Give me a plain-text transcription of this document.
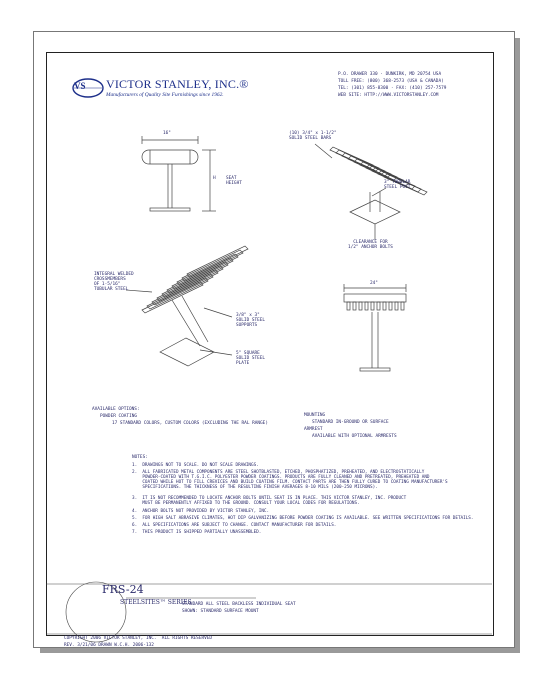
VS VICTOR STANLEY, INC.®
Manufacturers of Quality Site Furnishings since 1962.
P.O. DRAWER 330 · DUNKIRK, MD 20754 USA
TOLL FREE: (800) 368-2573 (USA & CANADA)
TEL: (301) 855-8300 · FAX: (410) 257-7579
WEB SITE: HTTP://WWW.VICTORSTANLEY.COM
16"
H SEAT
HEIGHT
(10) 3/4" x 1-1/2"
SOLID STEEL BARS
3" TUBULAR
STEEL POST
CLEARANCE FOR
1/2" ANCHOR BOLTS
INTEGRAL WELDED
CROSSMEMBERS
OF 1-5/16"
TUBULAR STEEL
3/8" x 3"
SOLID STEEL
SUPPORTS
5" SQUARE
SOLID STEEL
PLATE
24"
AVAILABLE OPTIONS:
POWDER COATING
17 STANDARD COLORS, CUSTOM COLORS (EXCLUDING THE RAL RANGE)
MOUNTING
STANDARD IN-GROUND OR SURFACE
ARMREST
AVAILABLE WITH OPTIONAL ARMRESTS
NOTES:
1.  DRAWINGS NOT TO SCALE. DO NOT SCALE DRAWINGS.
2.  ALL FABRICATED METAL COMPONENTS ARE STEEL SHOTBLASTED, ETCHED, PHOSPHATIZED, PREHEATED, AND ELECTROSTATICALLY
POWDER-COATED WITH T.G.I.C. POLYESTER POWDER COATINGS. PRODUCTS ARE FULLY CLEANED AND PRETREATED, PREHEATED AND
COATED WHILE HOT TO FILL CREVICES AND BUILD COATING FILM. CONTACT PARTS ARE THEN FULLY CURED TO COATING MANUFACTURER'S
SPECIFICATIONS. THE THICKNESS OF THE RESULTING FINISH AVERAGES 8-10 MILS (200-250 MICRONS).
3.  IT IS NOT RECOMMENDED TO LOCATE ANCHOR BOLTS UNTIL SEAT IS IN PLACE. THIS VICTOR STANLEY, INC. PRODUCT
MUST BE PERMANENTLY AFFIXED TO THE GROUND. CONSULT YOUR LOCAL CODES FOR REGULATIONS.
4.  ANCHOR BOLTS NOT PROVIDED BY VICTOR STANLEY, INC.
5.  FOR HIGH SALT ABRASIVE CLIMATES, HOT DIP GALVANIZING BEFORE POWDER COATING IS AVAILABLE. SEE WRITTEN SPECIFICATIONS FOR DETAILS.
6.  ALL SPECIFICATIONS ARE SUBJECT TO CHANGE. CONTACT MANUFACTURER FOR DETAILS.
7.  THIS PRODUCT IS SHIPPED PARTIALLY UNASSEMBLED.
FRS-24
STEELSITES™ SERIES
STANDARD ALL STEEL BACKLESS INDIVIDUAL SEAT
SHOWN: STANDARD SURFACE MOUNT
COPYRIGHT 2006 VICTOR STANLEY, INC.  ALL RIGHTS RESERVED
REV. 3/21/06 DRAWN W.C.H. 2006-132
